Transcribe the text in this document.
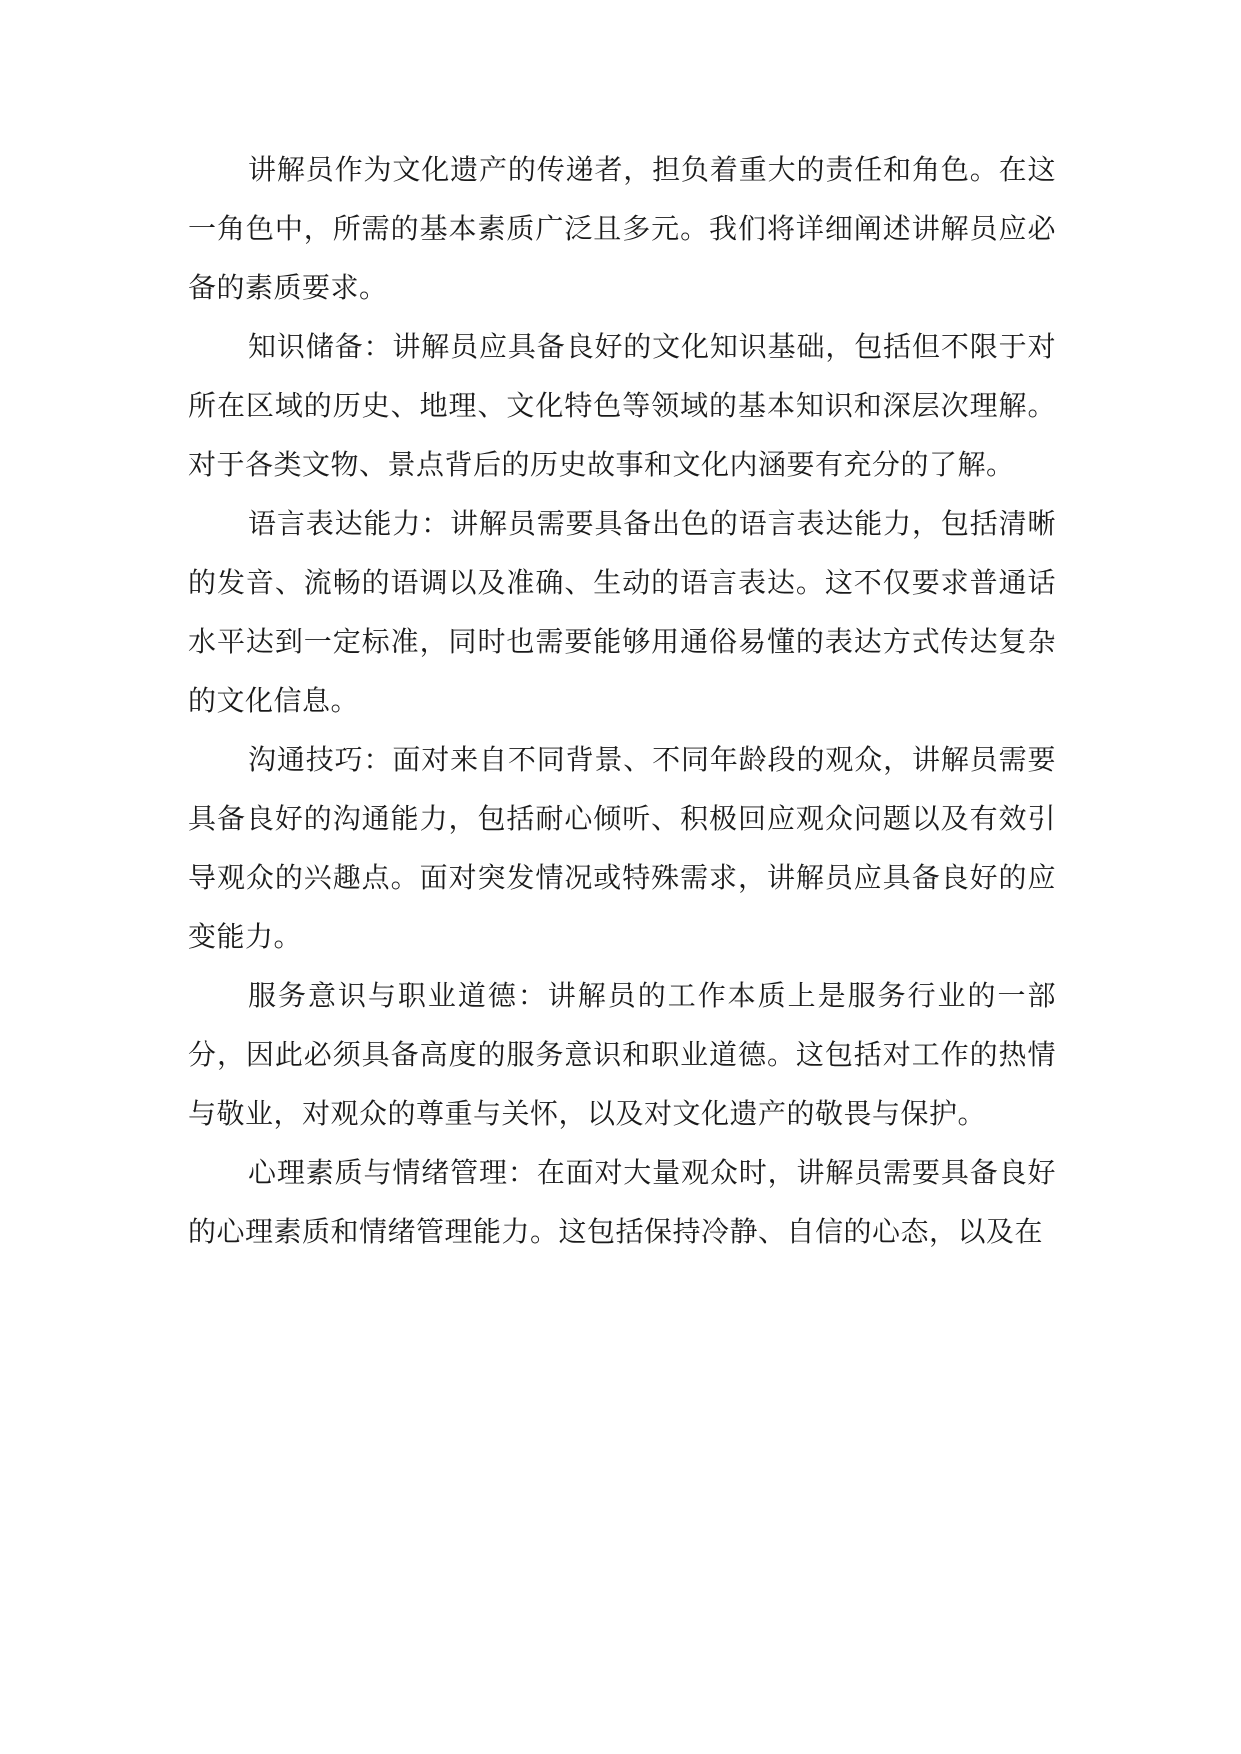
讲解员作为文化遗产的传递者，担负着重大的责任和角色。在这一角色中，所需的基本素质广泛且多元。我们将详细阐述讲解员应必备的素质要求。

知识储备：讲解员应具备良好的文化知识基础，包括但不限于对所在区域的历史、地理、文化特色等领域的基本知识和深层次理解。对于各类文物、景点背后的历史故事和文化内涵要有充分的了解。

语言表达能力：讲解员需要具备出色的语言表达能力，包括清晰的发音、流畅的语调以及准确、生动的语言表达。这不仅要求普通话水平达到一定标准，同时也需要能够用通俗易懂的表达方式传达复杂的文化信息。

沟通技巧：面对来自不同背景、不同年龄段的观众，讲解员需要具备良好的沟通能力，包括耐心倾听、积极回应观众问题以及有效引导观众的兴趣点。面对突发情况或特殊需求，讲解员应具备良好的应变能力。

服务意识与职业道德：讲解员的工作本质上是服务行业的一部分，因此必须具备高度的服务意识和职业道德。这包括对工作的热情与敬业，对观众的尊重与关怀，以及对文化遗产的敬畏与保护。

心理素质与情绪管理：在面对大量观众时，讲解员需要具备良好的心理素质和情绪管理能力。这包括保持冷静、自信的心态，以及在
